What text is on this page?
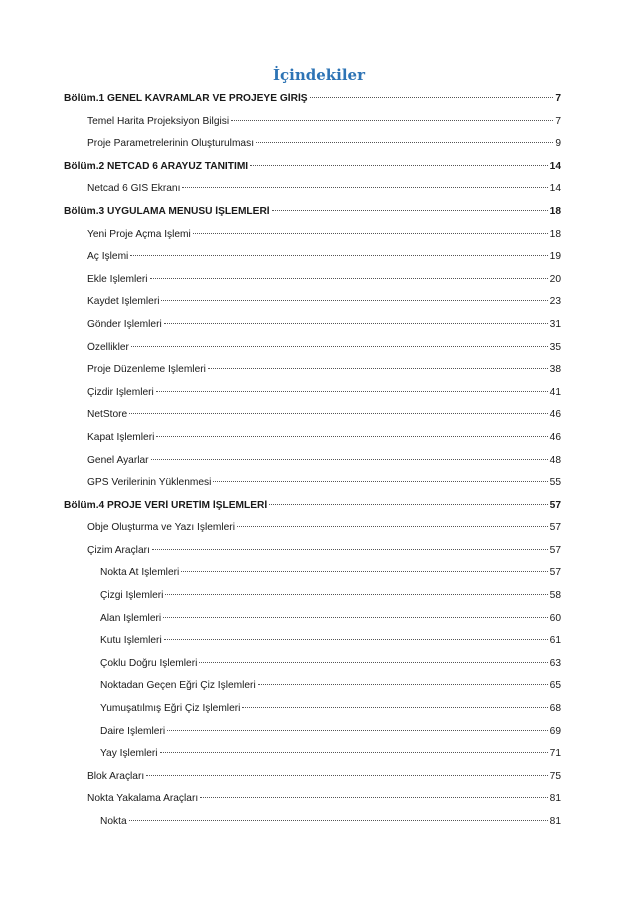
İçindekiler
Bölüm.1 GENEL KAVRAMLAR VE PROJEYE GİRİŞ	7
Temel Harita Projeksiyon Bilgisi	7
Proje Parametrelerinin Oluşturulması	9
Bölüm.2 NETCAD 6 ARAYÜZ TANITIMI	14
Netcad 6 GIS Ekranı	14
Bölüm.3 UYGULAMA MENÜSÜ İŞLEMLERİ	18
Yeni Proje Açma İşlemi	18
Aç İşlemi	19
Ekle İşlemleri	20
Kaydet İşlemleri	23
Gönder İşlemleri	31
Özellikler	35
Proje Düzenleme İşlemleri	38
Çizdir İşlemleri	41
NetStore	46
Kapat İşlemleri	46
Genel Ayarlar	48
GPS Verilerinin Yüklenmesi	55
Bölüm.4 PROJE VERİ ÜRETİM İŞLEMLERİ	57
Obje Oluşturma ve Yazı İşlemleri	57
Çizim Araçları	57
Nokta At İşlemleri	57
Çizgi İşlemleri	58
Alan İşlemleri	60
Kutu İşlemleri	61
Çoklu Doğru İşlemleri	63
Noktadan Geçen Eğri Çiz İşlemleri	65
Yumuşatılmış Eğri Çiz İşlemleri	68
Daire İşlemleri	69
Yay İşlemleri	71
Blok Araçları	75
Nokta Yakalama Araçları	81
Nokta	81
